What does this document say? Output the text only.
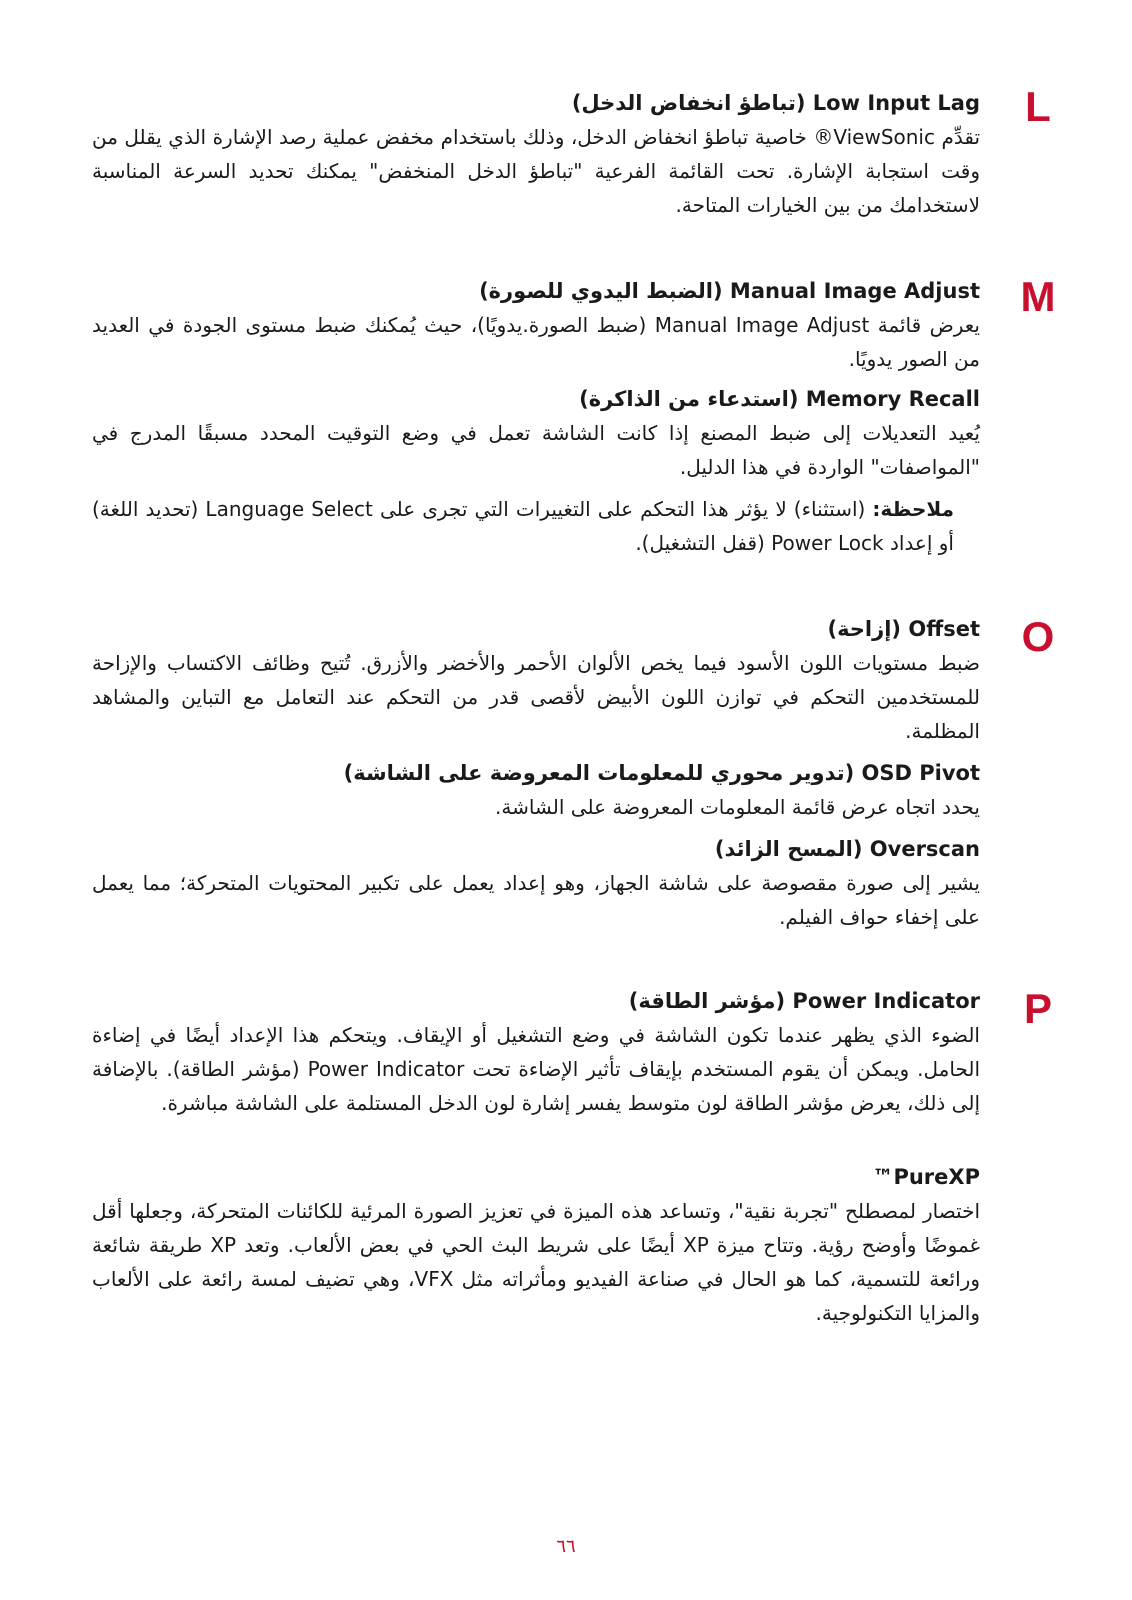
L
M
O
P
Low Input Lag (تباطؤ انخفاض الدخل)

تقدِّم ViewSonic® خاصية تباطؤ انخفاض الدخل، وذلك باستخدام مخفض عملية رصد الإشارة الذي يقلل من وقت استجابة الإشارة. تحت القائمة الفرعية "تباطؤ الدخل المنخفض" يمكنك تحديد السرعة المناسبة لاستخدامك من بين الخيارات المتاحة.

Manual Image Adjust (الضبط اليدوي للصورة)

يعرض قائمة Manual Image Adjust (ضبط الصورة.يدويًا)، حيث يُمكنك ضبط مستوى الجودة في العديد من الصور يدويًا.

Memory Recall (استدعاء من الذاكرة)

يُعيد التعديلات إلى ضبط المصنع إذا كانت الشاشة تعمل في وضع التوقيت المحدد مسبقًا المدرج في "المواصفات" الواردة في هذا الدليل.

ملاحظة: (استثناء) لا يؤثر هذا التحكم على التغييرات التي تجرى على Language Select (تحديد اللغة) أو إعداد Power Lock (قفل التشغيل).

Offset (إزاحة)

ضبط مستويات اللون الأسود فيما يخص الألوان الأحمر والأخضر والأزرق. تُتيح وظائف الاكتساب والإزاحة للمستخدمين التحكم في توازن اللون الأبيض لأقصى قدر من التحكم عند التعامل مع التباين والمشاهد المظلمة.

OSD Pivot (تدوير محوري للمعلومات المعروضة على الشاشة)

يحدد اتجاه عرض قائمة المعلومات المعروضة على الشاشة.

Overscan (المسح الزائد)

يشير إلى صورة مقصوصة على شاشة الجهاز، وهو إعداد يعمل على تكبير المحتويات المتحركة؛ مما يعمل على إخفاء حواف الفيلم.

Power Indicator (مؤشر الطاقة)

الضوء الذي يظهر عندما تكون الشاشة في وضع التشغيل أو الإيقاف. ويتحكم هذا الإعداد أيضًا في إضاءة الحامل. ويمكن أن يقوم المستخدم بإيقاف تأثير الإضاءة تحت Power Indicator (مؤشر الطاقة). بالإضافة إلى ذلك، يعرض مؤشر الطاقة لون متوسط يفسر إشارة لون الدخل المستلمة على الشاشة مباشرة.

PureXP™

اختصار لمصطلح "تجربة نقية"، وتساعد هذه الميزة في تعزيز الصورة المرئية للكائنات المتحركة، وجعلها أقل غموضًا وأوضح رؤية. وتتاح ميزة XP أيضًا على شريط البث الحي في بعض الألعاب. وتعد XP طريقة شائعة ورائعة للتسمية، كما هو الحال في صناعة الفيديو ومأثراته مثل VFX، وهي تضيف لمسة رائعة على الألعاب والمزايا التكنولوجية.

٦٦
